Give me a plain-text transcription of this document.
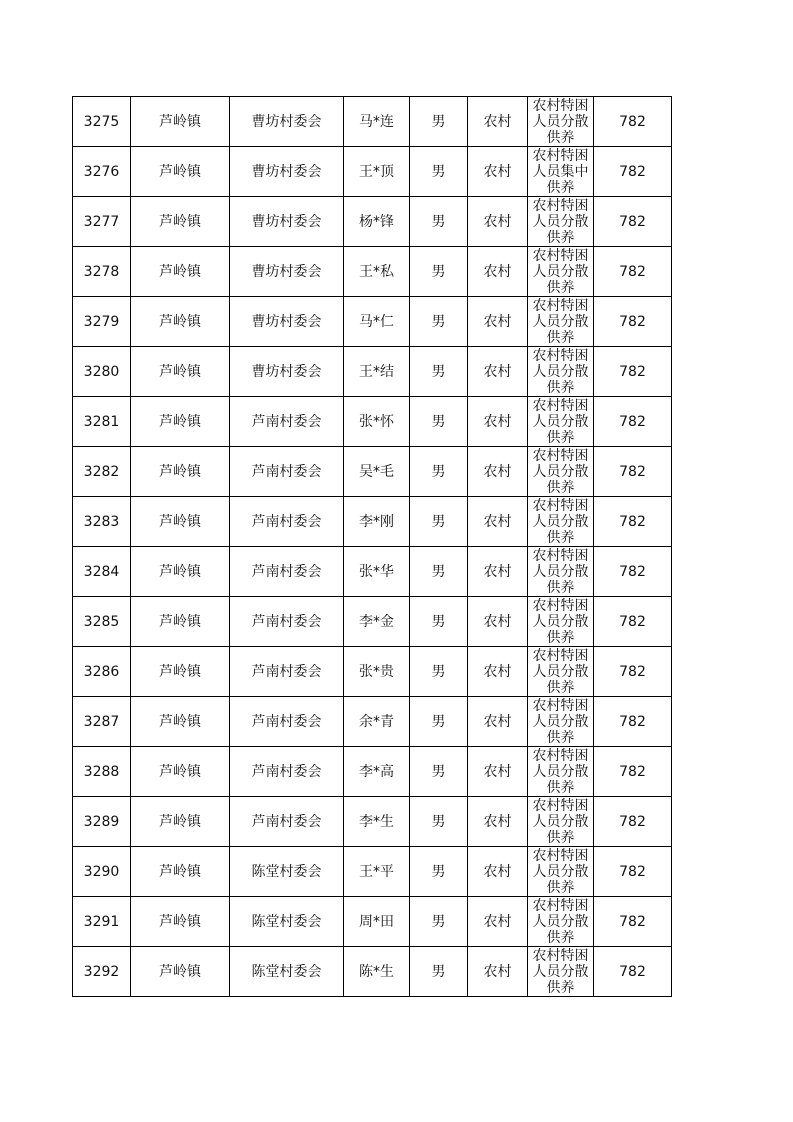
3275	芦岭镇	曹坊村委会	马*连	男	农村	农村特困人员分散供养	782
3276	芦岭镇	曹坊村委会	王*顶	男	农村	农村特困人员集中供养	782
3277	芦岭镇	曹坊村委会	杨*锋	男	农村	农村特困人员分散供养	782
3278	芦岭镇	曹坊村委会	王*私	男	农村	农村特困人员分散供养	782
3279	芦岭镇	曹坊村委会	马*仁	男	农村	农村特困人员分散供养	782
3280	芦岭镇	曹坊村委会	王*结	男	农村	农村特困人员分散供养	782
3281	芦岭镇	芦南村委会	张*怀	男	农村	农村特困人员分散供养	782
3282	芦岭镇	芦南村委会	吴*毛	男	农村	农村特困人员分散供养	782
3283	芦岭镇	芦南村委会	李*刚	男	农村	农村特困人员分散供养	782
3284	芦岭镇	芦南村委会	张*华	男	农村	农村特困人员分散供养	782
3285	芦岭镇	芦南村委会	李*金	男	农村	农村特困人员分散供养	782
3286	芦岭镇	芦南村委会	张*贵	男	农村	农村特困人员分散供养	782
3287	芦岭镇	芦南村委会	余*青	男	农村	农村特困人员分散供养	782
3288	芦岭镇	芦南村委会	李*高	男	农村	农村特困人员分散供养	782
3289	芦岭镇	芦南村委会	李*生	男	农村	农村特困人员分散供养	782
3290	芦岭镇	陈堂村委会	王*平	男	农村	农村特困人员分散供养	782
3291	芦岭镇	陈堂村委会	周*田	男	农村	农村特困人员分散供养	782
3292	芦岭镇	陈堂村委会	陈*生	男	农村	农村特困人员分散供养	782
